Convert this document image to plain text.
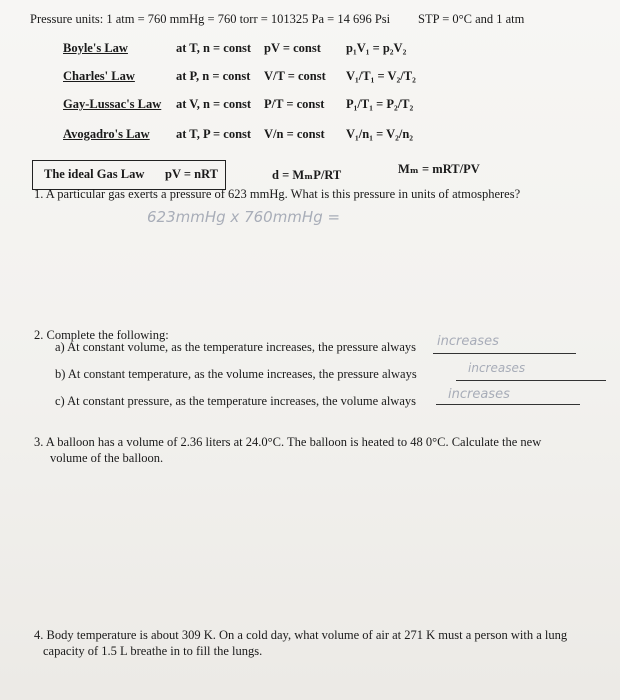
Pressure units: 1 atm = 760 mmHg = 760 torr = 101325 Pa = 14 696 Psi STP = 0°C and 1 atm
Boyle's Law	at T, n = const pV = const p₁V₁ = p₂V₂
Charles' Law	at P, n = const V/T = const V₁/T₁ = V₂/T₂
Gay-Lussac's Law at V, n = const P/T = const P₁/T₁ = P₂/T₂
Avogadro's Law at T, P = const V/n = const V₁/n₁ = V₂/n₂
The ideal Gas Law pV = nRT	d = MₘP/RT	Mₘ = mRT/PV
1. A particular gas exerts a pressure of 623 mmHg. What is this pressure in units of atmospheres?
623mmHg x 760mmHg =
2. Complete the following:
a) At constant volume, as the temperature increases, the pressure always increases
b) At constant temperature, as the volume increases, the pressure always	increases
c) At constant pressure, as the temperature increases, the volume always increases
3. A balloon has a volume of 2.36 liters at 24.0°C. The balloon is heated to 48 0°C. Calculate the new
volume of the balloon.
4. Body temperature is about 309 K. On a cold day, what volume of air at 271 K must a person with a lung
capacity of 1.5 L breathe in to fill the lungs.
